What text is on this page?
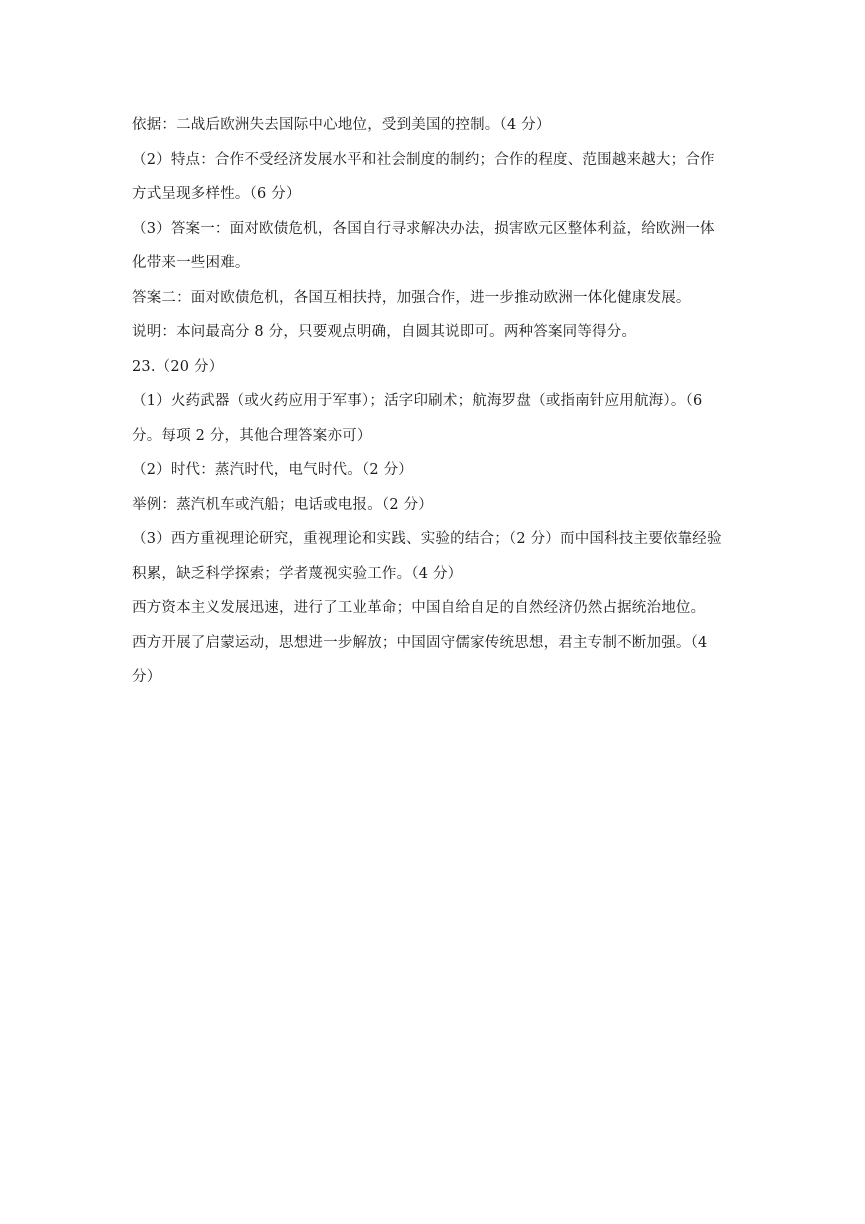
依据：二战后欧洲失去国际中心地位，受到美国的控制。（4 分）
（2）特点：合作不受经济发展水平和社会制度的制约；合作的程度、范围越来越大；合作
方式呈现多样性。（6 分）
（3）答案一：面对欧债危机，各国自行寻求解决办法，损害欧元区整体利益，给欧洲一体
化带来一些困难。
答案二：面对欧债危机，各国互相扶持，加强合作，进一步推动欧洲一体化健康发展。
说明：本问最高分 8 分，只要观点明确，自圆其说即可。两种答案同等得分。
23.（20 分）
（1）火药武器（或火药应用于军事）；活字印刷术；航海罗盘（或指南针应用航海）。（6
分。每项 2 分，其他合理答案亦可）
（2）时代：蒸汽时代，电气时代。（2 分）
举例：蒸汽机车或汽船；电话或电报。（2 分）
（3）西方重视理论研究，重视理论和实践、实验的结合；（2 分）而中国科技主要依靠经验
积累，缺乏科学探索；学者蔑视实验工作。（4 分）
西方资本主义发展迅速，进行了工业革命；中国自给自足的自然经济仍然占据统治地位。
西方开展了启蒙运动，思想进一步解放；中国固守儒家传统思想，君主专制不断加强。（4
分）
